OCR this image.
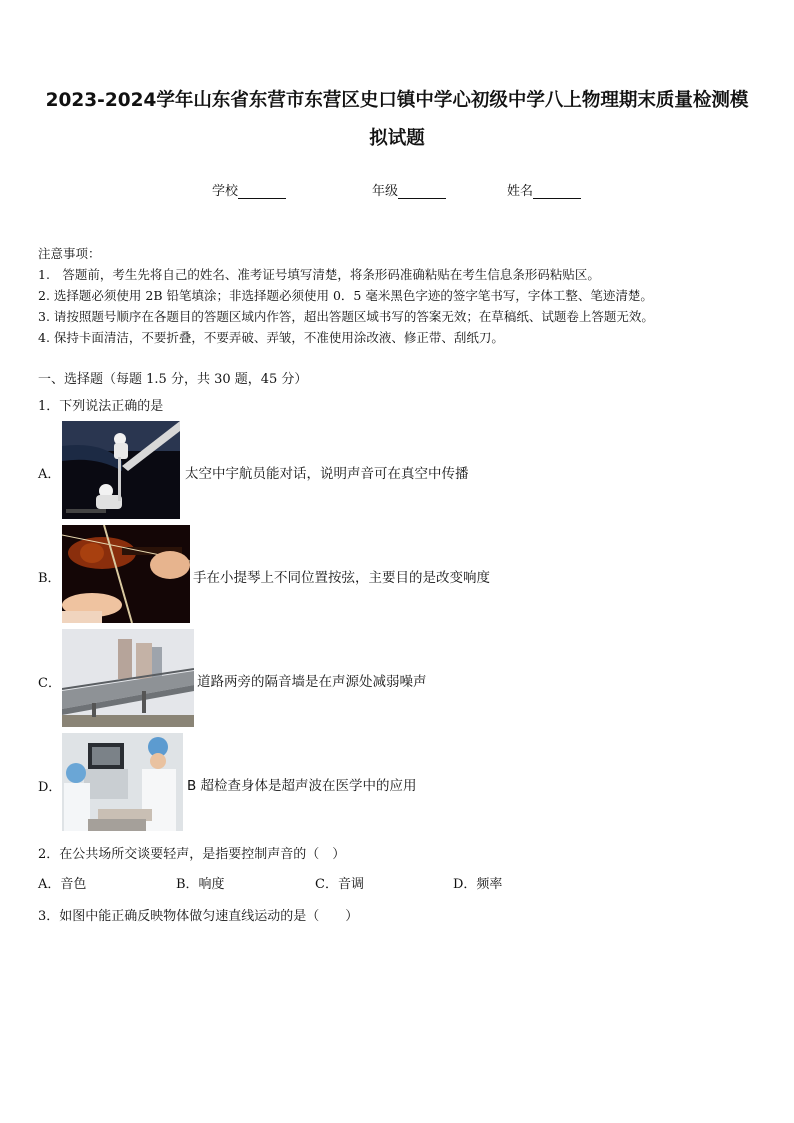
2023-2024学年山东省东营市东营区史口镇中学心初级中学八上物理期末质量检测模
拟试题
学校	年级	姓名
注意事项：
1.　答题前，考生先将自己的姓名、准考证号填写清楚，将条形码准确粘贴在考生信息条形码粘贴区。
2. 选择题必须使用 2B 铅笔填涂；非选择题必须使用 0．5 毫米黑色字迹的签字笔书写，字体工整、笔迹清楚。
3. 请按照题号顺序在各题目的答题区域内作答，超出答题区域书写的答案无效；在草稿纸、试题卷上答题无效。
4. 保持卡面清洁，不要折叠，不要弄破、弄皱，不准使用涂改液、修正带、刮纸刀。
一、选择题（每题 1.5 分，共 30 题，45 分）
1．下列说法正确的是
A．	太空中宇航员能对话，说明声音可在真空中传播
B．	手在小提琴上不同位置按弦，主要目的是改变响度
C．	道路两旁的隔音墙是在声源处减弱噪声
D．	B 超检查身体是超声波在医学中的应用
2．在公共场所交谈要轻声，是指要控制声音的（　）
A．音色	B．响度	C．音调	D．频率
3．如图中能正确反映物体做匀速直线运动的是（　　）
